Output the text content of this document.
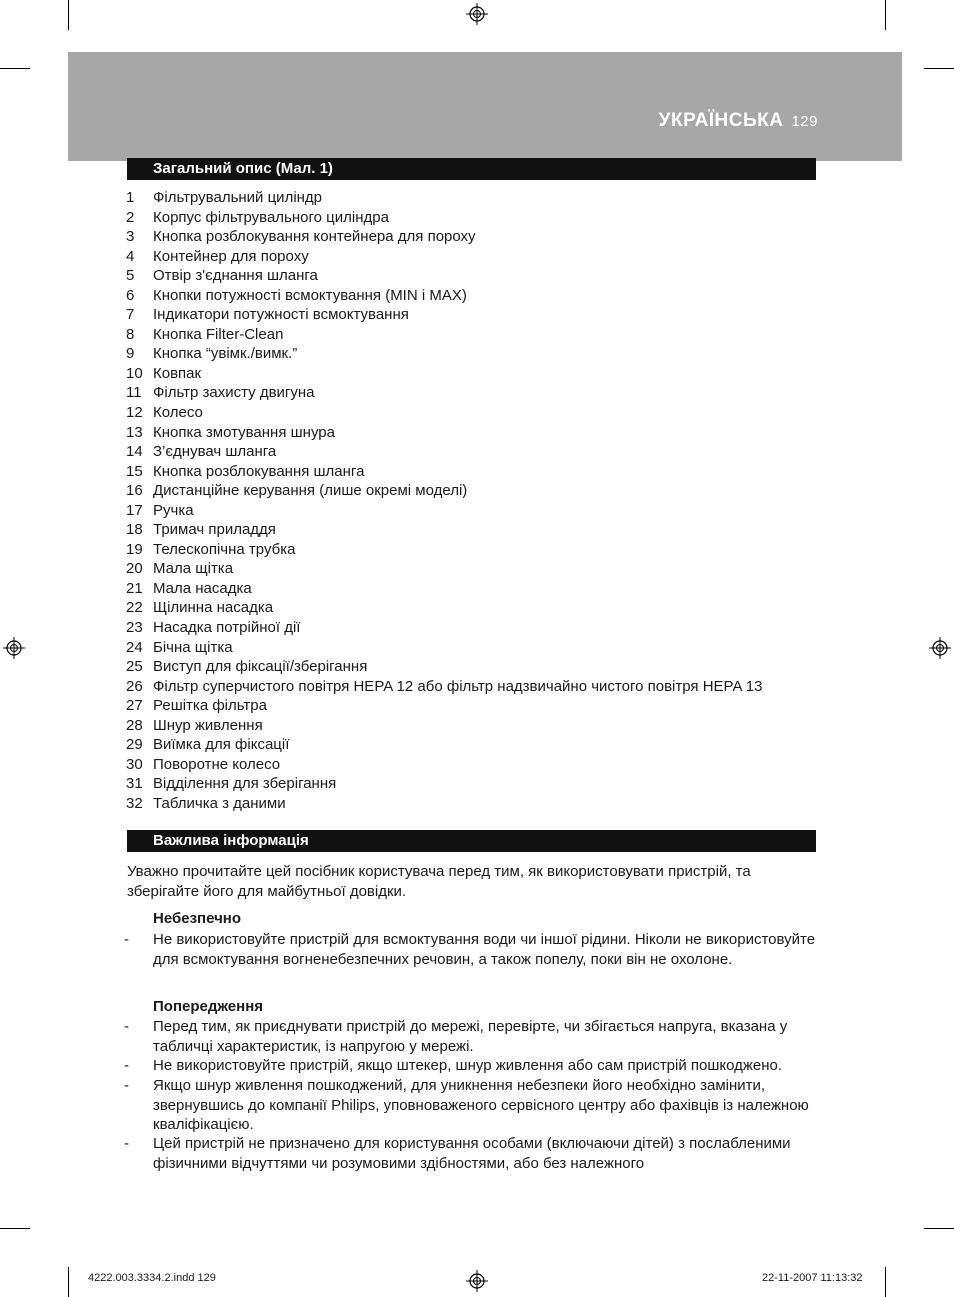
УКРАЇНСЬКА 129
Загальний опис (Мал. 1)
1	Фільтрувальний циліндр
2	Корпус фільтрувального циліндра
3	Кнопка розблокування контейнера для пороху
4	Контейнер для пороху
5	Отвір з'єднання шланга
6	Кнопки потужності всмоктування (MIN і MAX)
7	Індикатори потужності всмоктування
8	Кнопка Filter-Clean
9	Кнопка “увімк./вимк.”
10 Ковпак
11 Фільтр захисту двигуна
12 Колесо
13 Кнопка змотування шнура
14 З’єднувач шланга
15 Кнопка розблокування шланга
16 Дистанційне керування (лише окремі моделі)
17 Ручка
18 Тримач приладдя
19 Телескопічна трубка
20 Мала щітка
21 Мала насадка
22 Щілинна насадка
23 Насадка потрійної дії
24 Бічна щітка
25 Виступ для фіксації/зберігання
26 Фільтр суперчистого повітря HEPA 12 або фільтр надзвичайно чистого повітря HEPA 13
27 Решітка фільтра
28 Шнур живлення
29 Виїмка для фіксації
30 Поворотне колесо
31 Відділення для зберігання
32 Табличка з даними
Важлива інформація
Уважно прочитайте цей посібник користувача перед тим, як використовувати пристрій, та зберігайте його для майбутньої довідки.
Небезпечно
- Не використовуйте пристрій для всмоктування води чи іншої рідини. Ніколи не використовуйте для всмоктування вогненебезпечних речовин, а також попелу, поки він не охолоне.
Попередження
- Перед тим, як приєднувати пристрій до мережі, перевірте, чи збігається напруга, вказана у табличці характеристик, із напругою у мережі.
- Не використовуйте пристрій, якщо штекер, шнур живлення або сам пристрій пошкоджено.
- Якщо шнур живлення пошкоджений, для уникнення небезпеки його необхідно замінити, звернувшись до компанії Philips, уповноваженого сервісного центру або фахівців із належною кваліфікацією.
- Цей пристрій не призначено для користування особами (включаючи дітей) з послабленими фізичними відчуттями чи розумовими здібностями, або без належного
4222.003.3334.2.indd 129	22-11-2007 11:13:32
